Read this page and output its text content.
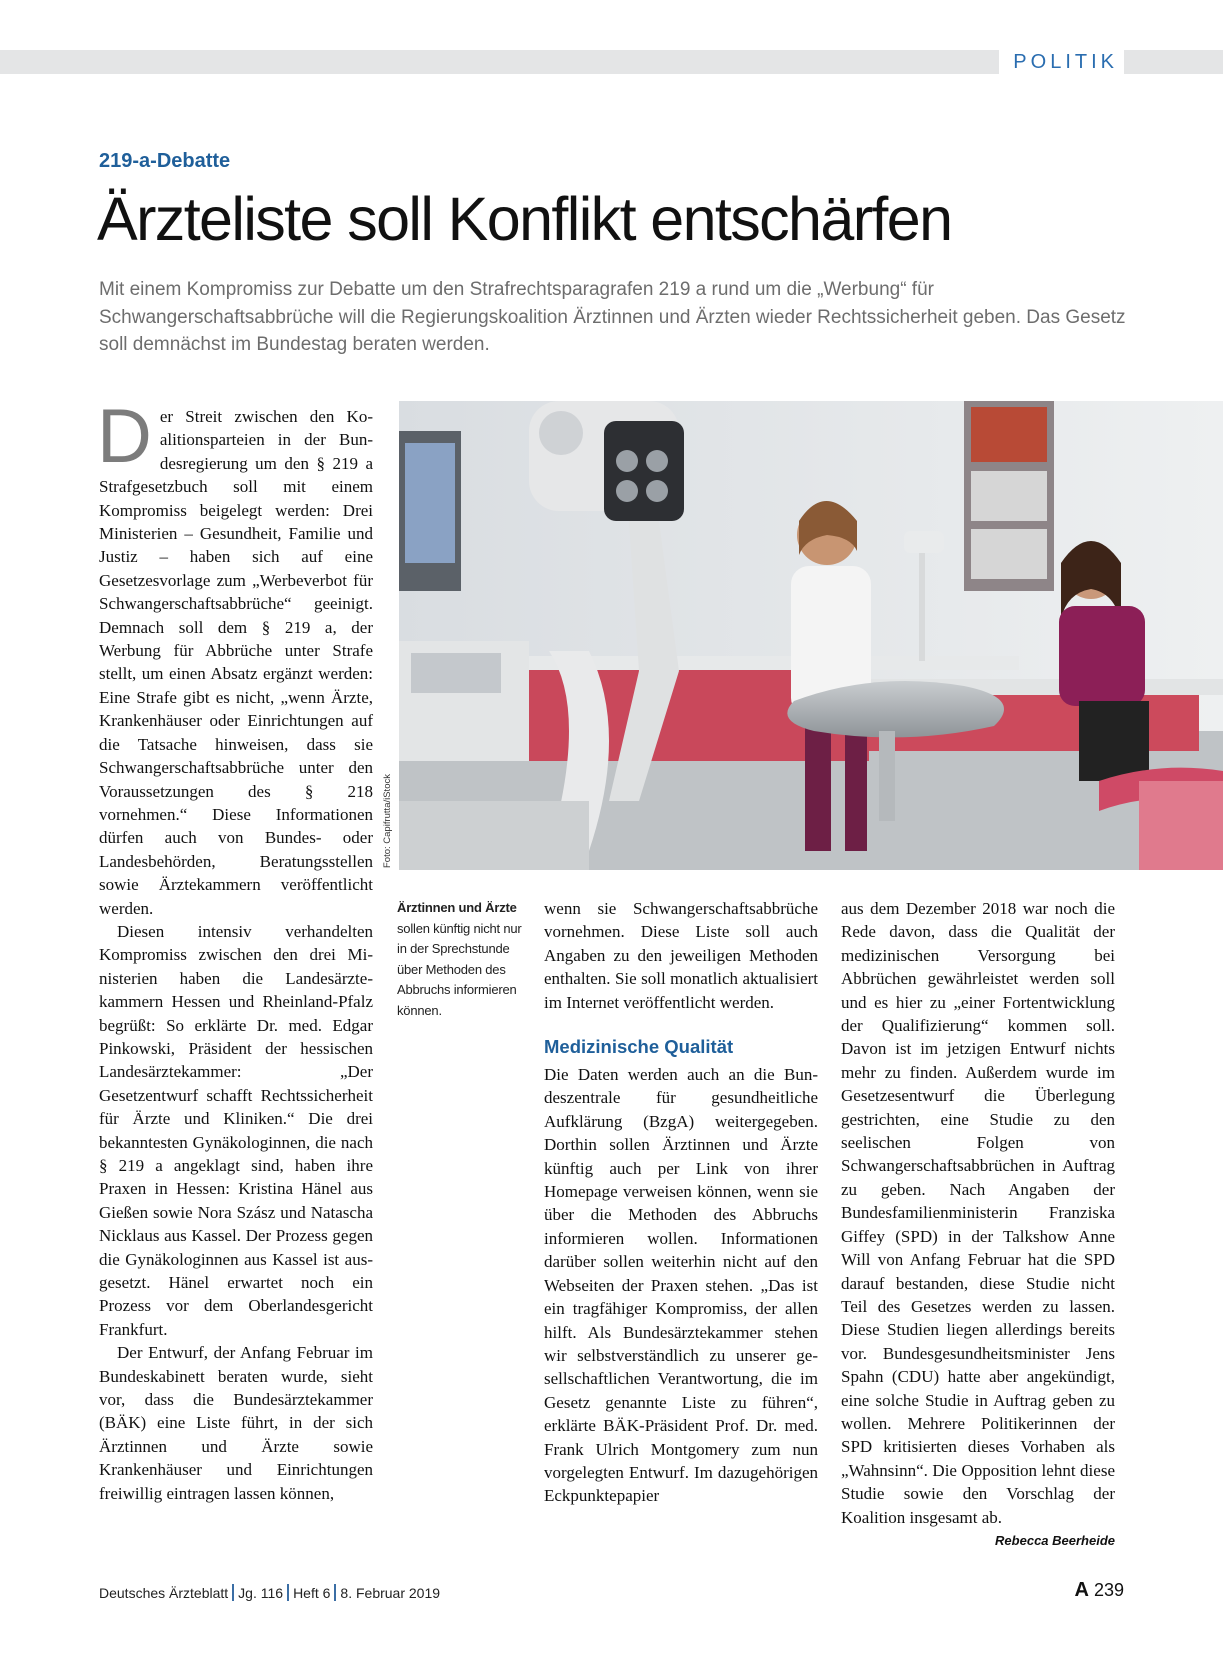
POLITIK
219-a-Debatte
Ärzteliste soll Konflikt entschärfen
Mit einem Kompromiss zur Debatte um den Strafrechtsparagrafen 219 a rund um die „Werbung“ für Schwangerschaftsabbrüche will die Regierungskoalition Ärztinnen und Ärzten wieder Rechtssicherheit geben. Das Gesetz soll demnächst im Bundestag beraten werden.

Der Streit zwischen den Koalitionsparteien in der Bundesregierung um den § 219 a Strafgesetzbuch soll mit einem Kompromiss beigelegt werden: Drei Ministerien – Gesundheit, Familie und Justiz – haben sich auf eine Gesetzesvorlage zum „Werbeverbot für Schwangerschaftsabbrüche“ geeinigt. Demnach soll dem § 219 a, der Werbung für Abbrüche unter Strafe stellt, um einen Absatz ergänzt werden: Eine Strafe gibt es nicht, „wenn Ärzte, Krankenhäuser oder Einrichtungen auf die Tatsache hinweisen, dass sie Schwangerschaftsabbrüche unter den Voraussetzungen des § 218 vornehmen.“ Diese Informationen dürfen auch von Bundes- oder Landesbehörden, Beratungsstellen sowie Ärztekammern veröffentlicht werden.

Diesen intensiv verhandelten Kompromiss zwischen den drei Ministerien haben die Landesärztekammern Hessen und Rheinland-Pfalz begrüßt: So erklärte Dr. med. Edgar Pinkowski, Präsident der hessischen Landesärztekammer: „Der Gesetzentwurf schafft Rechtssicherheit für Ärzte und Kliniken.“ Die drei bekanntesten Gynäkologinnen, die nach § 219 a angeklagt sind, haben ihre Praxen in Hessen: Kristina Hänel aus Gießen sowie Nora Szász und Natascha Nicklaus aus Kassel. Der Prozess gegen die Gynäkologinnen aus Kassel ist ausgesetzt. Hänel erwartet noch ein Prozess vor dem Oberlandesgericht Frankfurt.

Der Entwurf, der Anfang Februar im Bundeskabinett beraten wurde, sieht vor, dass die Bundesärztekammer (BÄK) eine Liste führt, in der sich Ärztinnen und Ärzte sowie Krankenhäuser und Einrichtungen freiwillig eintragen lassen können,

Foto: Capifrutta/iStock
Ärztinnen und Ärzte
sollen künftig nicht nur in der Sprechstunde über Methoden des Abbruchs informieren können.

wenn sie Schwangerschaftsabbrüche vornehmen. Diese Liste soll auch Angaben zu den jeweiligen Methoden enthalten. Sie soll monatlich aktualisiert im Internet veröffentlicht werden.

Medizinische Qualität

Die Daten werden auch an die Bundeszentrale für gesundheitliche Aufklärung (BzgA) weitergegeben. Dorthin sollen Ärztinnen und Ärzte künftig auch per Link von ihrer Homepage verweisen können, wenn sie über die Methoden des Abbruchs informieren wollen. Informationen darüber sollen weiterhin nicht auf den Webseiten der Praxen stehen. „Das ist ein tragfähiger Kompromiss, der allen hilft. Als Bundesärztekammer stehen wir selbstverständlich zu unserer gesellschaftlichen Verantwortung, die im Gesetz genannte Liste zu führen“, erklärte BÄK-Präsident Prof. Dr. med. Frank Ulrich Montgomery zum nun vorgelegten Entwurf. Im dazugehörigen Eckpunktepapier

aus dem Dezember 2018 war noch die Rede davon, dass die Qualität der medizinischen Versorgung bei Abbrüchen gewährleistet werden soll und es hier zu „einer Fortentwicklung der Qualifizierung“ kommen soll. Davon ist im jetzigen Entwurf nichts mehr zu finden. Außerdem wurde im Gesetzesentwurf die Überlegung gestrichten, eine Studie zu den seelischen Folgen von Schwangerschaftsabbrüchen in Auftrag zu geben. Nach Angaben der Bundesfamilienministerin Franziska Giffey (SPD) in der Talkshow Anne Will von Anfang Februar hat die SPD darauf bestanden, diese Studie nicht Teil des Gesetzes werden zu lassen. Diese Studien liegen allerdings bereits vor. Bundesgesundheitsminister Jens Spahn (CDU) hatte aber angekündigt, eine solche Studie in Auftrag geben zu wollen. Mehrere Politikerinnen der SPD kritisierten dieses Vorhaben als „Wahnsinn“. Die Opposition lehnt diese Studie sowie den Vorschlag der Koalition insgesamt ab.
Rebecca Beerheide

Deutsches Ärzteblatt Jg. 116 Heft 6 8. Februar 2019	A 239
